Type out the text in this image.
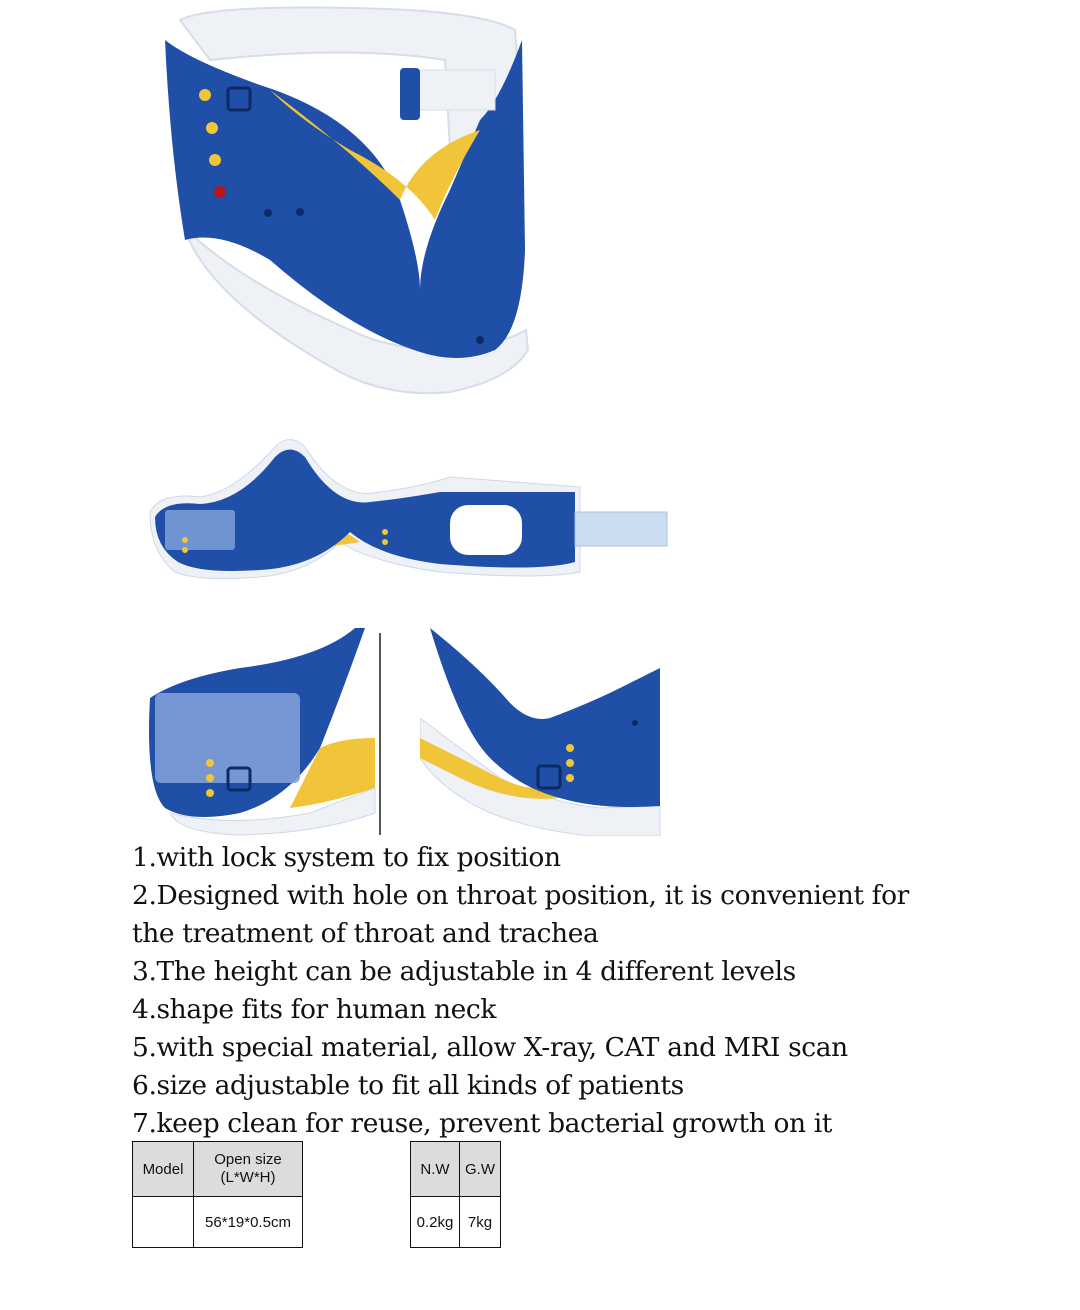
1.with lock system to fix position
2.Designed with hole on throat position, it is convenient for
the treatment of throat and trachea
3.The height can be adjustable in 4 different levels
4.shape fits for human neck
5.with special material, allow X-ray, CAT and MRI scan
6.size adjustable to fit all kinds of patients
7.keep clean for reuse, prevent bacterial growth on it
Model	Open size
(L*W*H)

	56*19*0.5cm
N.W	G.W
0.2kg	7kg
